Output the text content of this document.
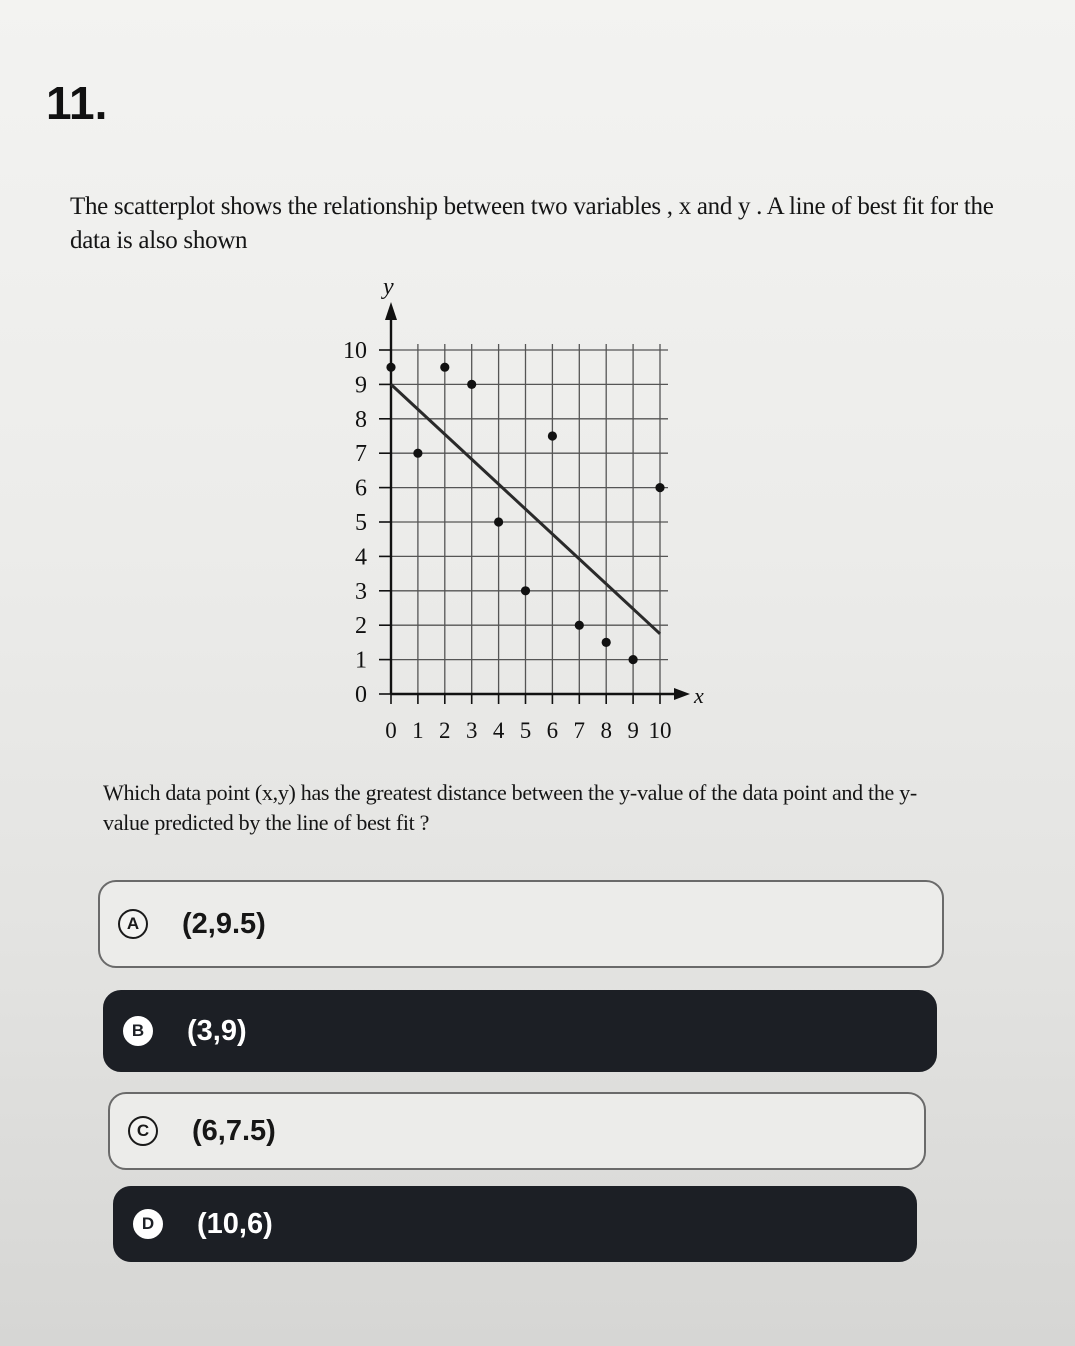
11.
The scatterplot shows the relationship between two variables , x and y . A line of best fit for the data is also shown
x
y
0
1
2
3
4
5
6
7
8
9
10
0 1 2 3 4 5 6 7 8 9 10
Which data point (x,y) has the greatest distance between the y-value of the data point and the y-value predicted by the line of best fit ?
A	(2,9.5)
B	(3,9)
C	(6,7.5)
D	(10,6)
